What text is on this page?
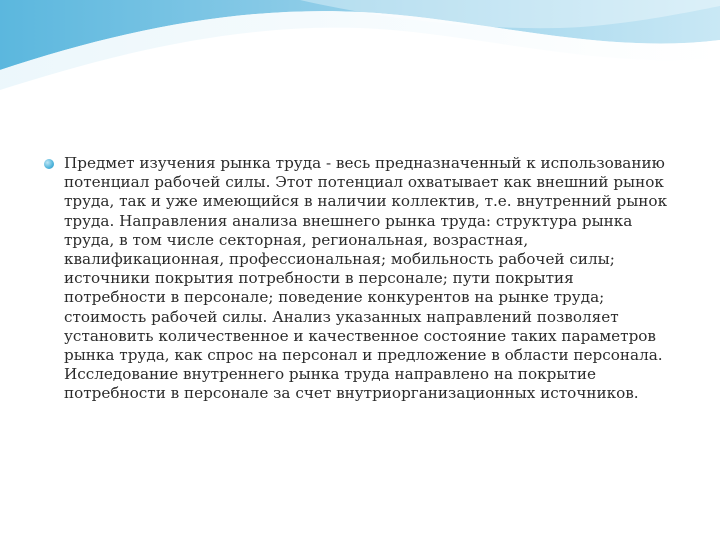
Предмет изучения рынка труда - весь предназначенный к использованию потенциал рабочей силы. Этот потенциал охватывает как внешний рынок труда, так и уже имеющийся в наличии коллектив, т.е. внутренний рынок труда. Направления анализа внешнего рынка труда: структура рынка труда, в том числе секторная, региональная, возрастная, квалификационная, профессиональная; мобильность рабочей силы; источники покрытия потребности в персонале; пути покрытия потребности в персонале; поведение конкурентов на рынке труда; стоимость рабочей силы. Анализ указанных направлений позволяет установить количественное и качественное состояние таких параметров рынка труда, как спрос на персонал и предложение в области персонала. Исследование внутреннего рынка труда направлено на покрытие потребности в персонале за счет внутриорганизационных источников.
